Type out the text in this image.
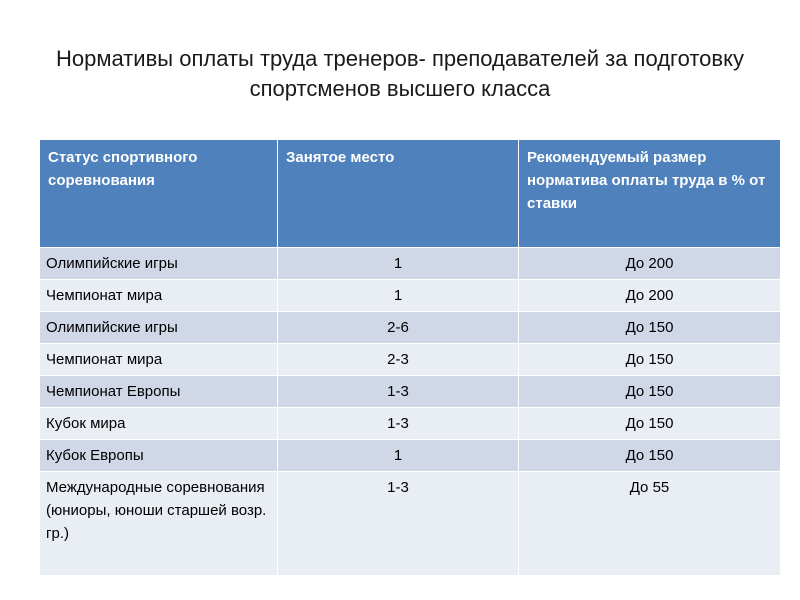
Нормативы оплаты труда тренеров- преподавателей за подготовку спортсменов высшего класса
Статус спортивного соревнования	Занятое место	Рекомендуемый размер норматива оплаты труда в % от ставки
Олимпийские игры	1	До 200
Чемпионат мира	1	До 200
Олимпийские игры	2-6	До 150
Чемпионат мира	2-3	До 150
Чемпионат Европы	1-3	До 150
Кубок мира	1-3	До 150
Кубок Европы	1	До 150
Международные соревнования (юниоры, юноши старшей возр. гр.)	1-3	До 55
